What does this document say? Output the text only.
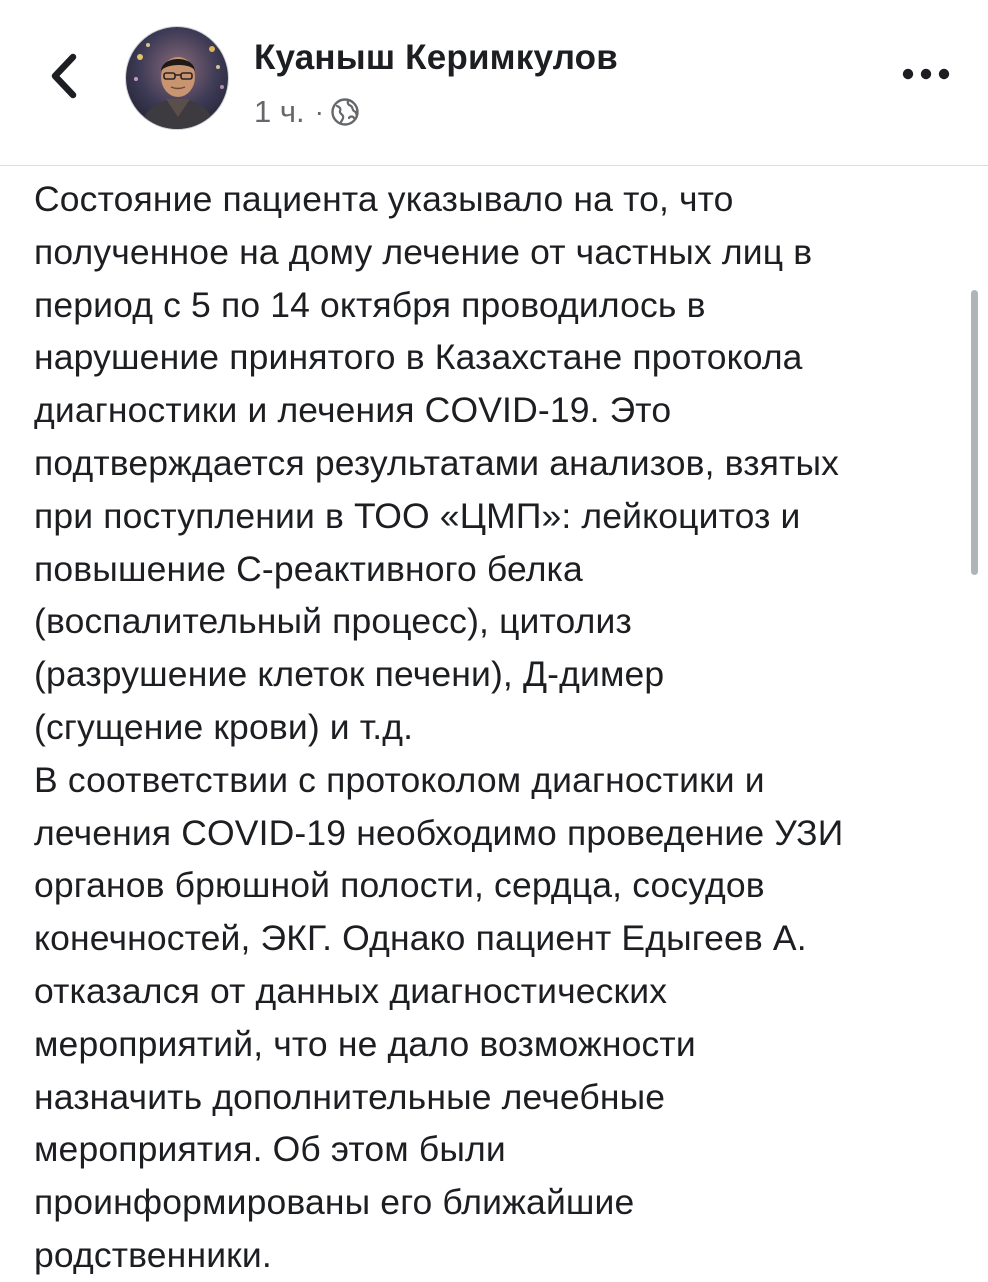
Куаныш Керимкулов
1 ч. ·
Состояние пациента указывало на то, что
полученное на дому лечение от частных лиц в
период с 5 по 14 октября проводилось в
нарушение принятого в Казахстане протокола
диагностики и лечения COVID-19. Это
подтверждается результатами анализов, взятых
при поступлении в ТОО «ЦМП»: лейкоцитоз и
повышение С-реактивного белка
(воспалительный процесс), цитолиз
(разрушение клеток печени), Д-димер
(сгущение крови) и т.д.
В соответствии с протоколом диагностики и
лечения COVID-19 необходимо проведение УЗИ
органов брюшной полости, сердца, сосудов
конечностей, ЭКГ. Однако пациент Едыгеев А.
отказался от данных диагностических
мероприятий, что не дало возможности
назначить дополнительные лечебные
мероприятия. Об этом были
проинформированы его ближайшие
родственники.
